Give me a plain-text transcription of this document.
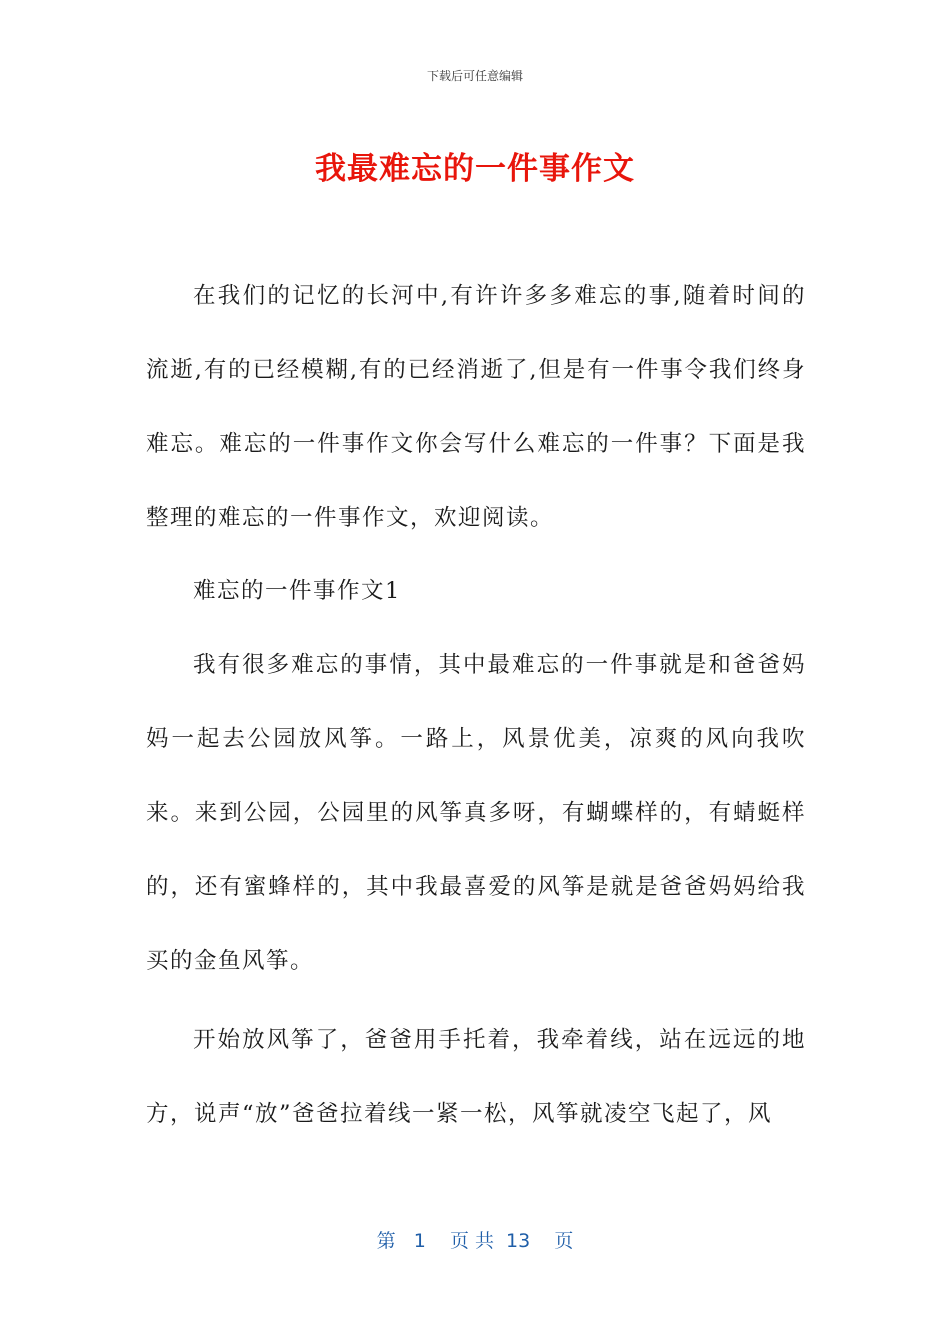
下载后可任意编辑
我最难忘的一件事作文

在我们的记忆的长河中,有许许多多难忘的事,随着时间的流逝,有的已经模糊,有的已经消逝了,但是有一件事令我们终身难忘。难忘的一件事作文你会写什么难忘的一件事？下面是我整理的难忘的一件事作文，欢迎阅读。

难忘的一件事作文1

我有很多难忘的事情，其中最难忘的一件事就是和爸爸妈妈一起去公园放风筝。一路上，风景优美，凉爽的风向我吹来。来到公园，公园里的风筝真多呀，有蝴蝶样的，有蜻蜓样的，还有蜜蜂样的，其中我最喜爱的风筝是就是爸爸妈妈给我买的金鱼风筝。

开始放风筝了，爸爸用手托着，我牵着线，站在远远的地方，说声“放”爸爸拉着线一紧一松，风筝就凌空飞起了，风

第   1    页 共  13    页
